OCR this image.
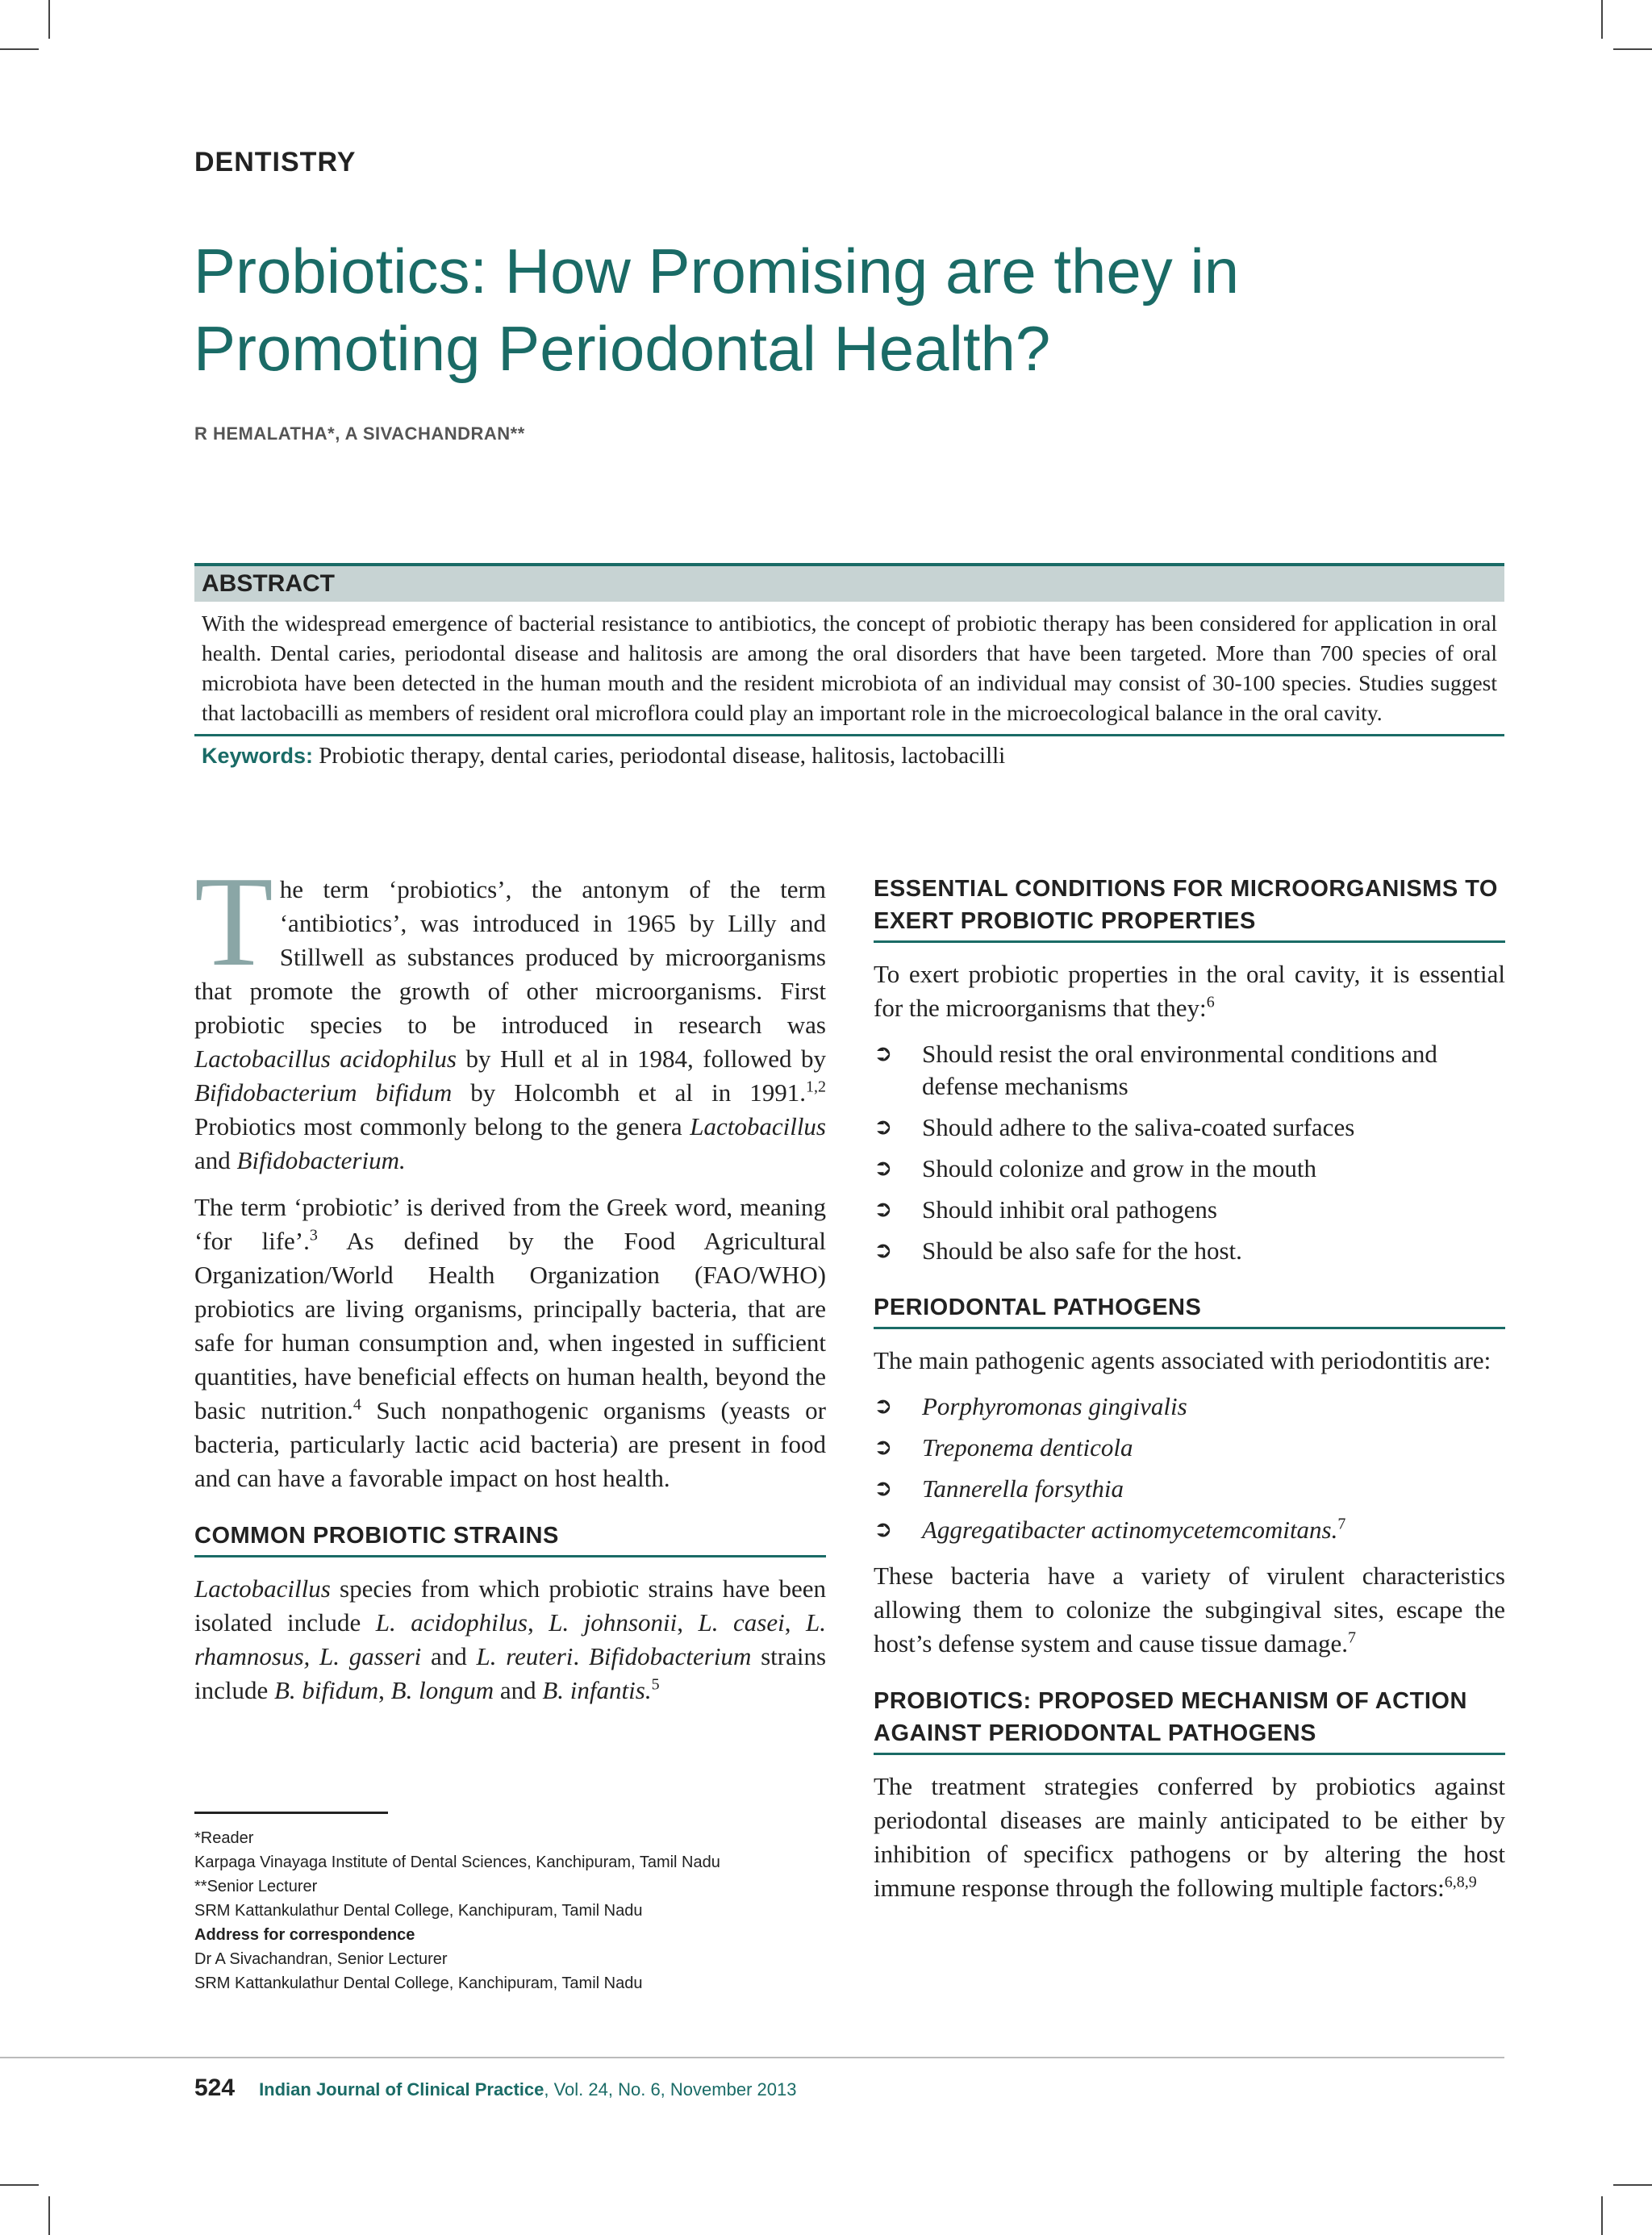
DENTISTRY
Probiotics: How Promising are they in Promoting Periodontal Health?
R HEMALATHA*, A SIVACHANDRAN**
ABSTRACT
With the widespread emergence of bacterial resistance to antibiotics, the concept of probiotic therapy has been considered for application in oral health. Dental caries, periodontal disease and halitosis are among the oral disorders that have been targeted. More than 700 species of oral microbiota have been detected in the human mouth and the resident microbiota of an individual may consist of 30-100 species. Studies suggest that lactobacilli as members of resident oral microflora could play an important role in the microecological balance in the oral cavity.
Keywords: Probiotic therapy, dental caries, periodontal disease, halitosis, lactobacilli

The term ‘probiotics’, the antonym of the term ‘antibiotics’, was introduced in 1965 by Lilly and Stillwell as substances produced by microorganisms that promote the growth of other microorganisms. First probiotic species to be introduced in research was Lactobacillus acidophilus by Hull et al in 1984, followed by Bifidobacterium bifidum by Holcombh et al in 1991.$^{1,2}$ Probiotics most commonly belong to the genera Lactobacillus and Bifidobacterium.

The term ‘probiotic’ is derived from the Greek word, meaning ‘for life’.$^3$ As defined by the Food Agricultural Organization/World Health Organization (FAO/WHO) probiotics are living organisms, principally bacteria, that are safe for human consumption and, when ingested in sufficient quantities, have beneficial effects on human health, beyond the basic nutrition.$^4$ Such nonpathogenic organisms (yeasts or bacteria, particularly lactic acid bacteria) are present in food and can have a favorable impact on host health.

COMMON PROBIOTIC STRAINS

Lactobacillus species from which probiotic strains have been isolated include L. acidophilus, L. johnsonii, L. casei, L. rhamnosus, L. gasseri and L. reuteri. Bifidobacterium strains include B. bifidum, B. longum and B. infantis.$^5$

ESSENTIAL CONDITIONS FOR MICROORGANISMS TO EXERT PROBIOTIC PROPERTIES

To exert probiotic properties in the oral cavity, it is essential for the microorganisms that they:$^6$

➲ Should resist the oral environmental conditions and defense mechanisms
➲ Should adhere to the saliva-coated surfaces
➲ Should colonize and grow in the mouth
➲ Should inhibit oral pathogens
➲ Should be also safe for the host.
PERIODONTAL PATHOGENS

The main pathogenic agents associated with periodontitis are:

➲ Porphyromonas gingivalis
➲ Treponema denticola
➲ Tannerella forsythia
➲ Aggregatibacter actinomycetemcomitans.$^7$

These bacteria have a variety of virulent characteristics allowing them to colonize the subgingival sites, escape the host’s defense system and cause tissue damage.$^7$

PROBIOTICS: PROPOSED MECHANISM OF ACTION AGAINST PERIODONTAL PATHOGENS

The treatment strategies conferred by probiotics against periodontal diseases are mainly anticipated to be either by inhibition of specificx pathogens or by altering the host immune response through the following multiple factors:$^{6,8,9}$

*Reader
Karpaga Vinayaga Institute of Dental Sciences, Kanchipuram, Tamil Nadu
**Senior Lecturer
SRM Kattankulathur Dental College, Kanchipuram, Tamil Nadu
Address for correspondence
Dr A Sivachandran, Senior Lecturer
SRM Kattankulathur Dental College, Kanchipuram, Tamil Nadu
524 Indian Journal of Clinical Practice , Vol. 24, No. 6, November 2013
